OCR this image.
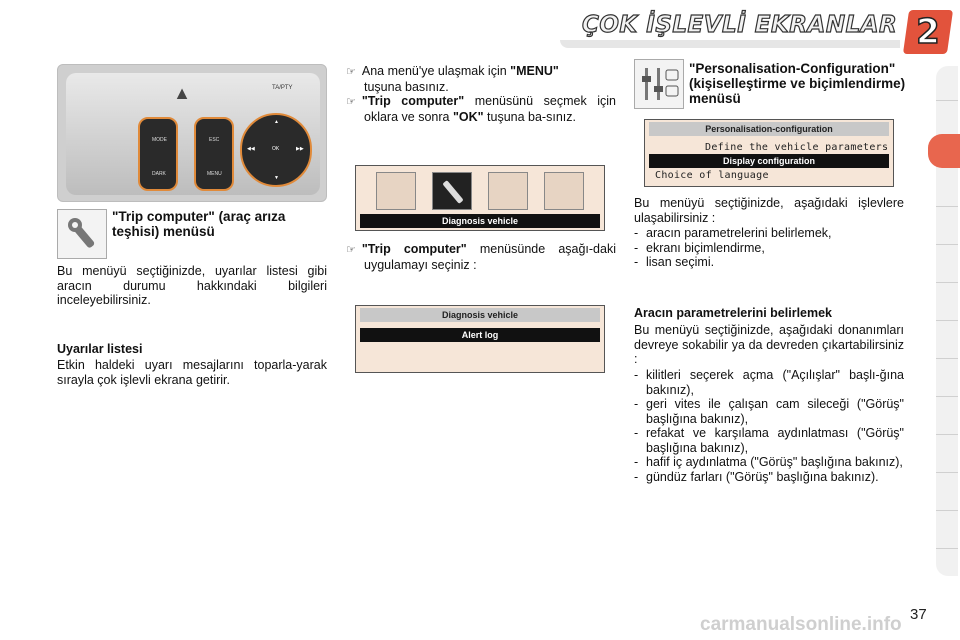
ÇOK İŞLEVLİ EKRANLAR 2
▲	TA/PTY
MODE
DARK
ESC
MENU
OK
▲
▼
◀◀	▶▶
"Trip computer" (araç arıza teşhisi) menüsü
Bu menüyü seçtiğinizde, uyarılar listesi gibi aracın durumu hakkındaki bilgileri inceleyebilirsiniz.
Uyarılar listesi
Etkin haldeki uyarı mesajlarını toparla-yarak sırayla çok işlevli ekrana getirir.
☞ Ana menü'ye ulaşmak için "MENU"
tuşuna basınız.
☞ "Trip computer" menüsünü seçmek için oklara ve sonra "OK" tuşuna ba-sınız.
Diagnosis vehicle
☞ "Trip computer" menüsünde aşağı-daki uygulamayı seçiniz :
Diagnosis vehicle
Alert log
"Personalisation-Configuration" (kişiselleştirme ve biçimlendirme) menüsü
Personalisation-configuration
Define the vehicle parameters
Display configuration
Choice of language
Bu menüyü seçtiğinizde, aşağıdaki işlevlere ulaşabilirsiniz :
- aracın parametrelerini belirlemek,
- ekranı biçimlendirme,
- lisan seçimi.
Aracın parametrelerini belirlemek
Bu menüyü seçtiğinizde, aşağıdaki donanımları devreye sokabilir ya da devreden çıkartabilirsiniz :
- kilitleri seçerek açma ("Açılışlar" başlı-ğına bakınız),
- geri vites ile çalışan cam sileceği ("Görüş" başlığına bakınız),
- refakat ve karşılama aydınlatması ("Görüş" başlığına bakınız),
- hafif iç aydınlatma ("Görüş" başlığına bakınız),
- gündüz farları ("Görüş" başlığına bakınız).
carmanualsonline.info 37
